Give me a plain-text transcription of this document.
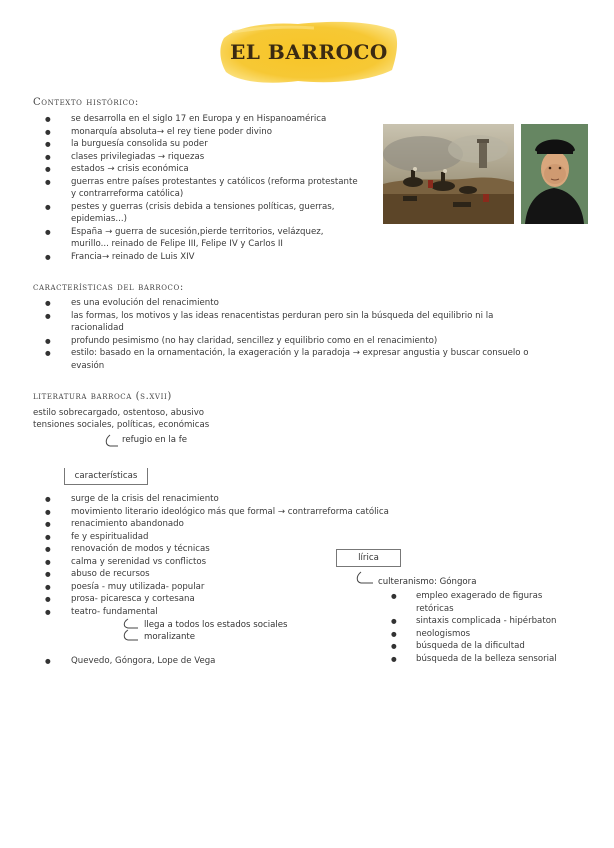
EL BARROCO
Contexto histórico:
● se desarrolla en el siglo 17 en Europa y en Hispanoamérica
● monarquía absoluta→ el rey tiene poder divino
● la burguesía consolida su poder
● clases privilegiadas → riquezas
● estados → crisis económica
● guerras entre países protestantes y católicos (reforma protestante y contrarreforma católica)
● pestes y guerras (crisis debida a tensiones políticas, guerras, epidemias...)
● España → guerra de sucesión,pierde territorios, velázquez, murillo... reinado de Felipe III, Felipe IV y Carlos II
● Francia→ reinado de Luis XIV
características del barroco:
● es una evolución del renacimiento
● las formas, los motivos y las ideas renacentistas perduran pero sin la búsqueda del equilibrio ni la racionalidad
● profundo pesimismo (no hay claridad, sencillez y equilibrio como en el renacimiento)
● estilo: basado en la ornamentación, la exageración y la paradoja → expresar angustia y buscar consuelo o evasión
literatura barroca (s.xvii)
estilo sobrecargado, ostentoso, abusivo
tensiones sociales, políticas, económicas
refugio en la fe
características
● surge de la crisis del renacimiento
● movimiento literario ideológico más que formal → contrarreforma católica
● renacimiento abandonado
● fe y espiritualidad
● renovación de modos y técnicas
● calma y serenidad vs conflictos
● abuso de recursos
● poesía - muy utilizada- popular
● prosa- picaresca y cortesana
● teatro- fundamental
llega a todos los estados sociales
moralizante
● Quevedo, Góngora, Lope de Vega
lírica
culteranismo: Góngora
● empleo exagerado de figuras retóricas
● sintaxis complicada - hipérbaton
● neologismos
● búsqueda de la dificultad
● búsqueda de la belleza sensorial
